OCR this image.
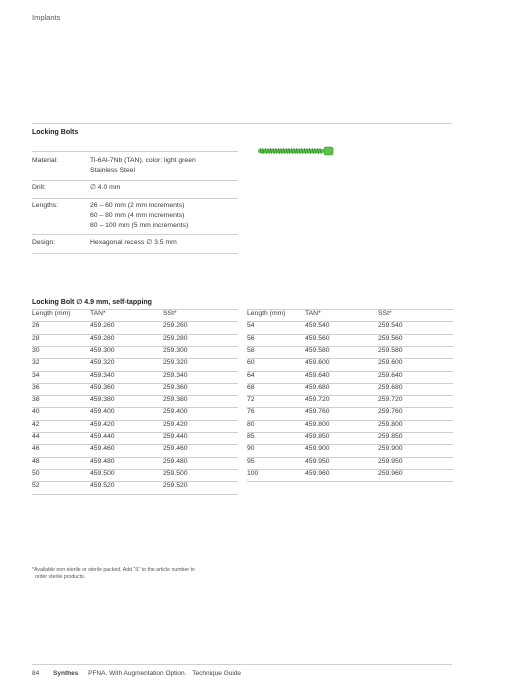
Implants
Locking Bolts
Material:	Ti-6Al-7Nb (TAN), color: light green
Stainless Steel
Drill:	∅ 4.0 mm
Lengths:	26 – 60 mm (2 mm increments)
60 – 80 mm (4 mm increments)
80 – 100 mm (5 mm increments)
Design:	Hexagonal recess ∅ 3.5 mm
Locking Bolt ∅ 4.9 mm, self-tapping
Length (mm)	TAN*	SSt*
26	459.260	259.260
28	459.280	259.280
30	459.300	259.300
32	459.320	259.320
34	459.340	259.340
36	459.360	259.360
38	459.380	259.380
40	459.400	259.400
42	459.420	259.420
44	459.440	259.440
46	459.460	259.460
48	459.480	259.480
50	459.500	259.500
52	459.520	259.520
Length (mm)	TAN*	SSt*
54	459.540	259.540
56	459.560	259.560
58	459.580	259.580
60	459.600	259.600
64	459.640	259.640
68	459.680	259.680
72	459.720	259.720
76	459.760	259.760
80	459.800	259.800
85	459.850	259.850
90	459.900	259.900
95	459.950	259.950
100	459.960	259.960
*Available non-sterile or sterile packed. Add “S” to the article number to
order sterile products.
84 Synthes PFNA. With Augmentation Option. Technique Guide
